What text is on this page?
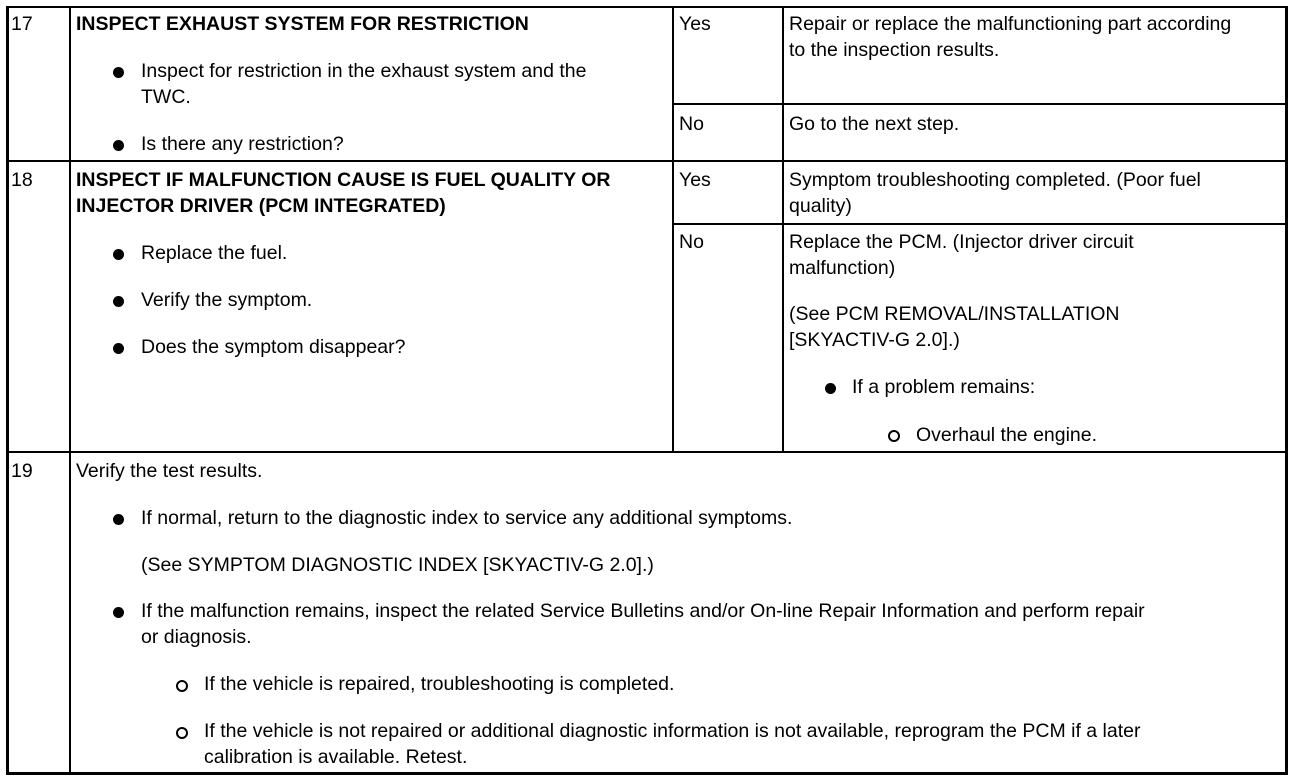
17 INSPECT EXHAUST SYSTEM FOR RESTRICTION
Inspect for restriction in the exhaust system and the
TWC.
Is there any restriction?
Yes	Repair or replace the malfunctioning part according
to the inspection results.
No	Go to the next step.
18 INSPECT IF MALFUNCTION CAUSE IS FUEL QUALITY OR
INJECTOR DRIVER (PCM INTEGRATED)
Replace the fuel.
Verify the symptom.
Does the symptom disappear?
Yes	Symptom troubleshooting completed. (Poor fuel
quality)
No	Replace the PCM. (Injector driver circuit
malfunction)
(See PCM REMOVAL/INSTALLATION
[SKYACTIV-G 2.0].)
If a problem remains:
Overhaul the engine.
19 Verify the test results.
If normal, return to the diagnostic index to service any additional symptoms.
(See SYMPTOM DIAGNOSTIC INDEX [SKYACTIV-G 2.0].)
If the malfunction remains, inspect the related Service Bulletins and/or On-line Repair Information and perform repair
or diagnosis.
If the vehicle is repaired, troubleshooting is completed.
If the vehicle is not repaired or additional diagnostic information is not available, reprogram the PCM if a later
calibration is available. Retest.
